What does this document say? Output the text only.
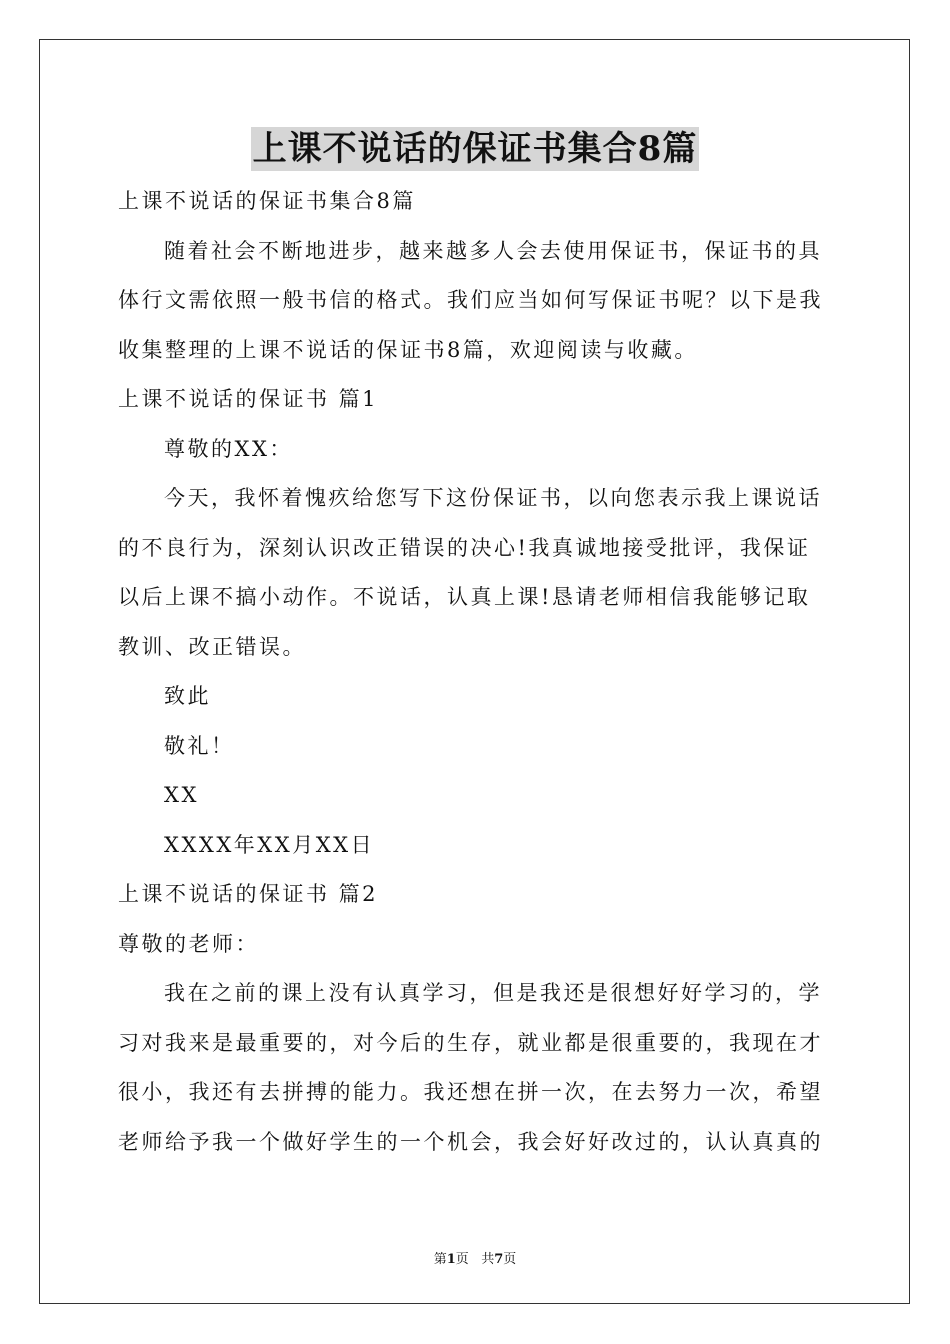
上课不说话的保证书集合8篇
上课不说话的保证书集合8篇
随着社会不断地进步，越来越多人会去使用保证书，保证书的具
体行文需依照一般书信的格式。我们应当如何写保证书呢？以下是我
收集整理的上课不说话的保证书8篇，欢迎阅读与收藏。
上课不说话的保证书 篇1
尊敬的XX：
今天，我怀着愧疚给您写下这份保证书，以向您表示我上课说话
的不良行为，深刻认识改正错误的决心!我真诚地接受批评，我保证
以后上课不搞小动作。不说话，认真上课!恳请老师相信我能够记取
教训、改正错误。
致此
敬礼！
XX
XXXX年XX月XX日
上课不说话的保证书 篇2
尊敬的老师：
我在之前的课上没有认真学习，但是我还是很想好好学习的，学
习对我来是最重要的，对今后的生存，就业都是很重要的，我现在才
很小，我还有去拼搏的能力。我还想在拼一次，在去努力一次，希望
老师给予我一个做好学生的一个机会，我会好好改过的，认认真真的
第1页 共7页
